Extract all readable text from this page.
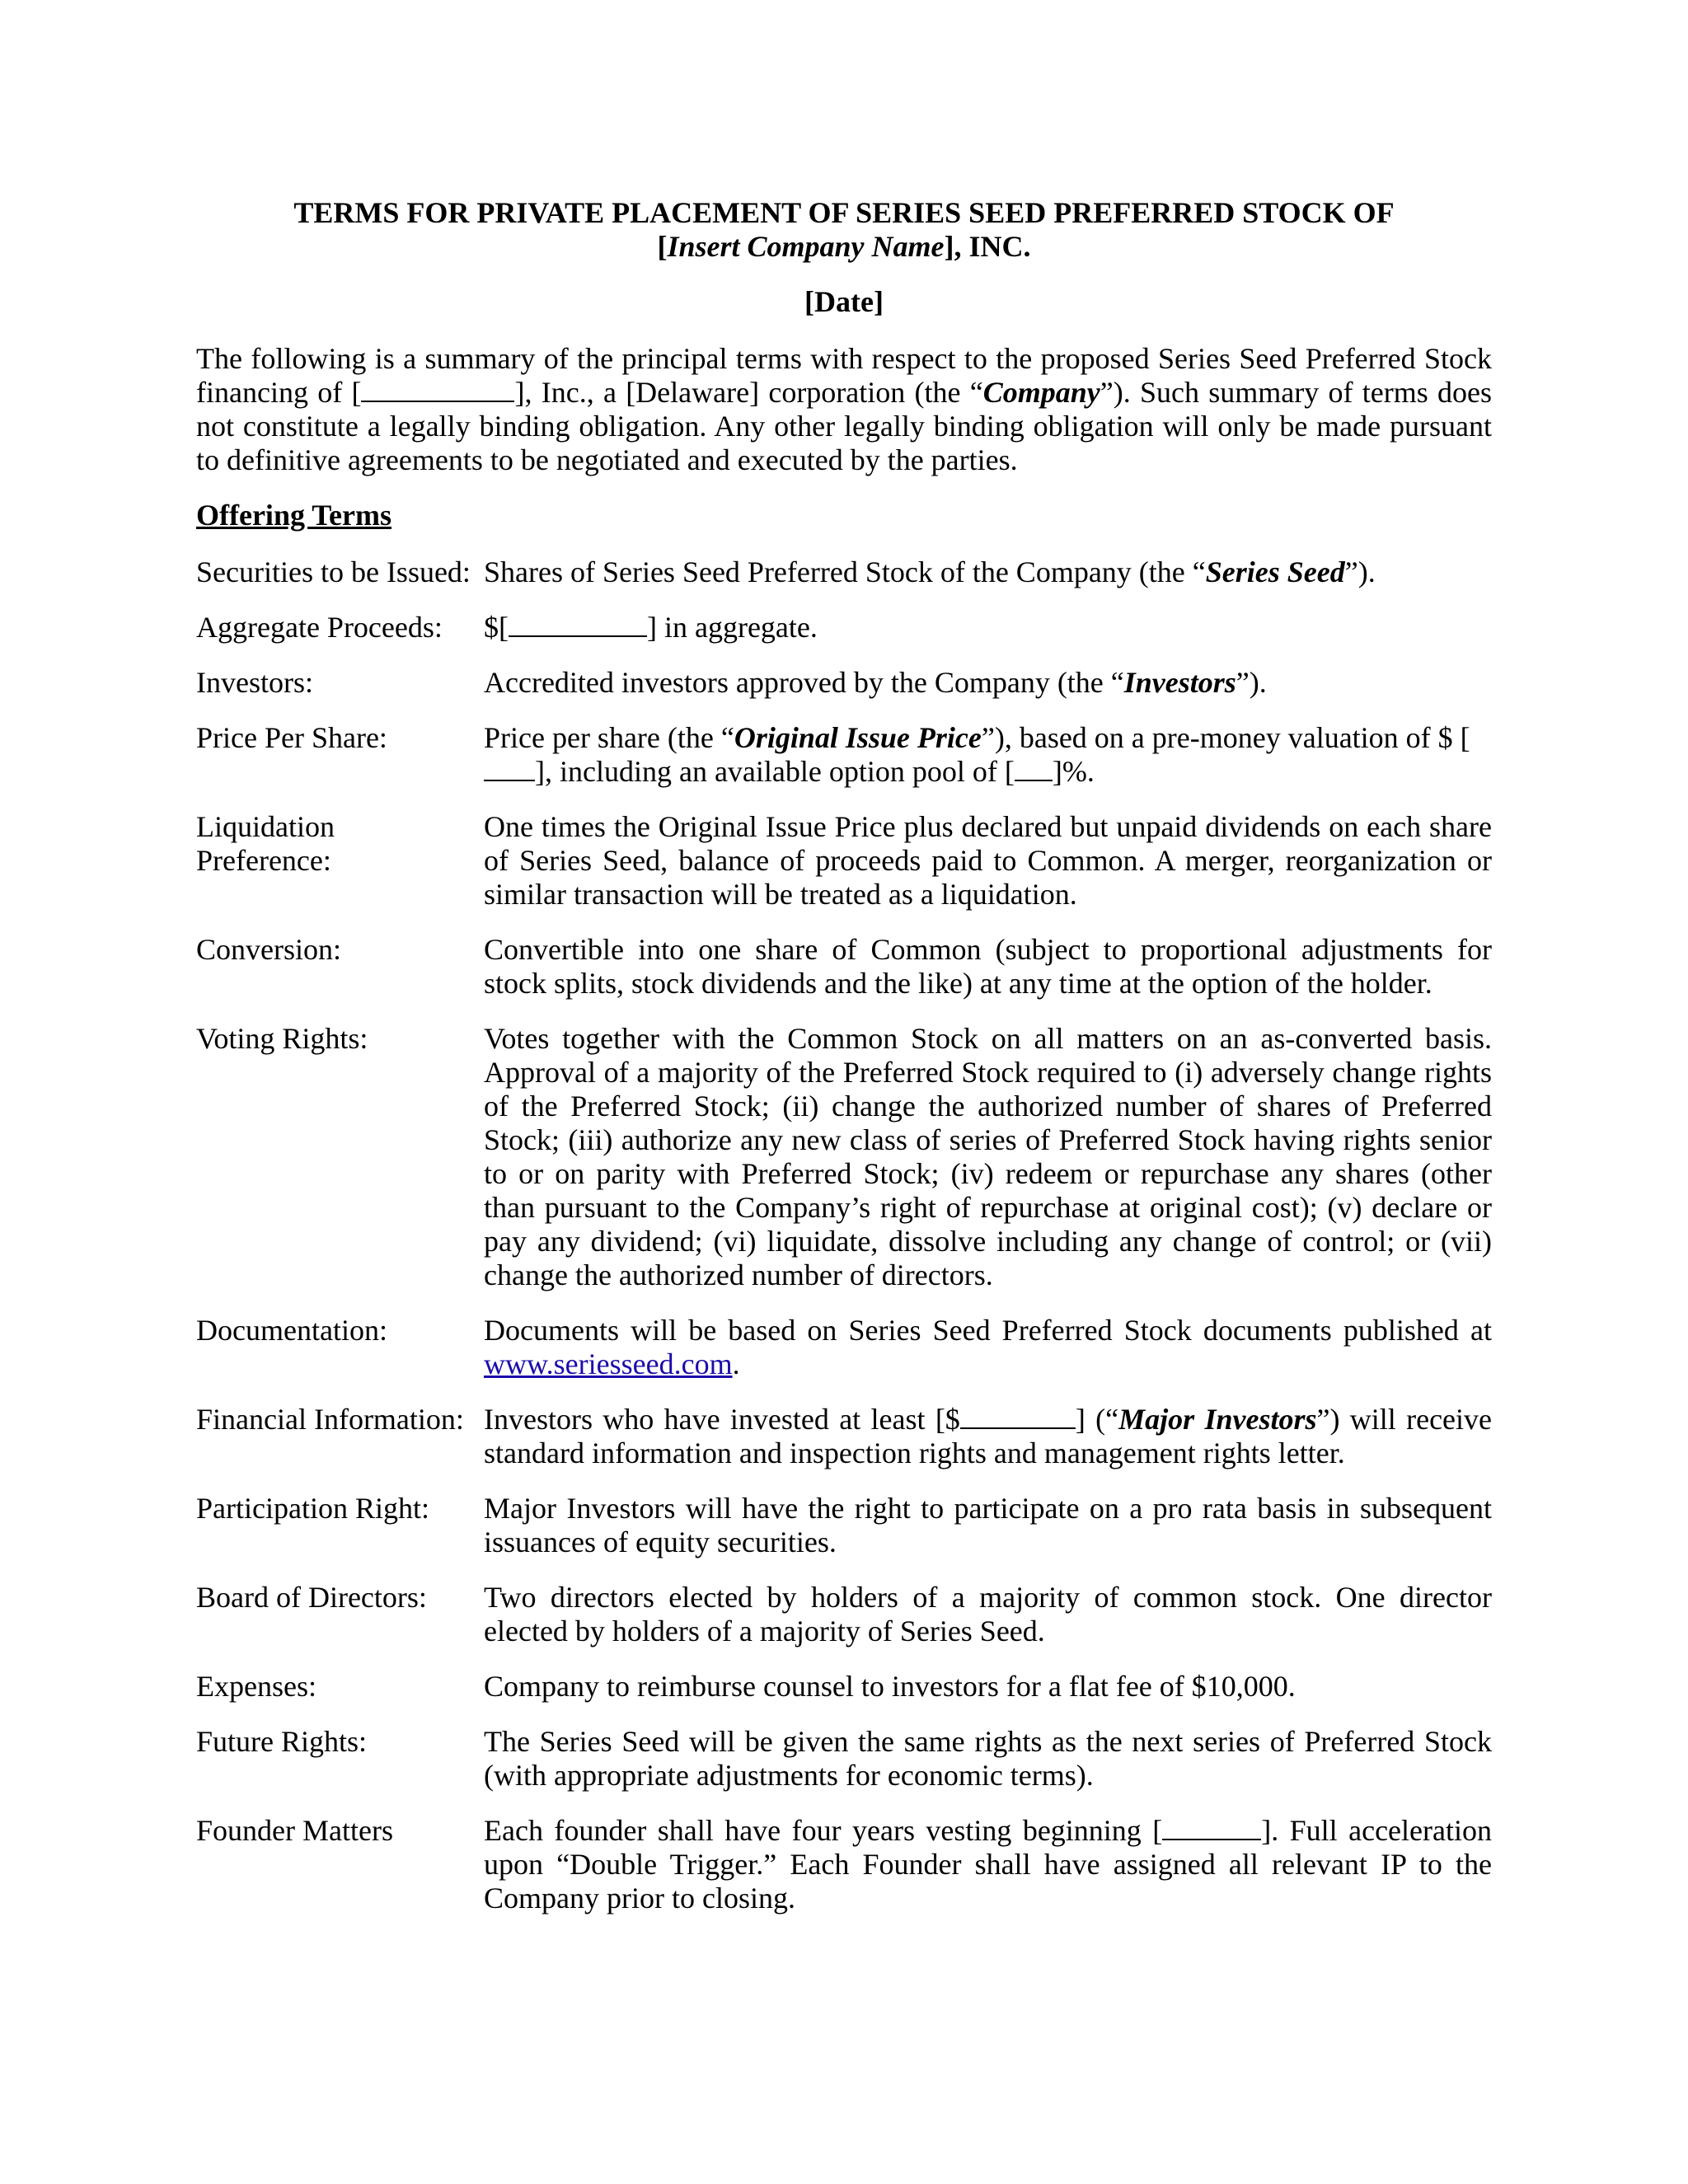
TERMS FOR PRIVATE PLACEMENT OF SERIES SEED PREFERRED STOCK OF
[Insert Company Name], INC.
[Date]
The following is a summary of the principal terms with respect to the proposed Series Seed Preferred Stock financing of [	], Inc., a [Delaware] corporation (the “Company”). Such summary of terms does not constitute a legally binding obligation. Any other legally binding obligation will only be made pursuant to definitive agreements to be negotiated and executed by the parties.
Offering Terms
Securities to be Issued: Shares of Series Seed Preferred Stock of the Company (the “Series Seed”).
Aggregate Proceeds:	$[	] in aggregate.
Investors:	Accredited investors approved by the Company (the “Investors”).
Price Per Share:	Price per share (the “Original Issue Price”), based on a pre-money valuation of $ [], including an available option pool of [ ]%.
Liquidation Preference:
One times the Original Issue Price plus declared but unpaid dividends on each share of Series Seed, balance of proceeds paid to Common. A merger, reorganization or similar transaction will be treated as a liquidation.
Conversion:	Convertible into one share of Common (subject to proportional adjustments for stock splits, stock dividends and the like) at any time at the option of the holder.
Voting Rights:	Votes together with the Common Stock on all matters on an as-converted basis. Approval of a majority of the Preferred Stock required to (i) adversely change rights of the Preferred Stock; (ii) change the authorized number of shares of Preferred Stock; (iii) authorize any new class of series of Preferred Stock having rights senior to or on parity with Preferred Stock; (iv) redeem or repurchase any shares (other than pursuant to the Company’s right of repurchase at original cost); (v) declare or pay any dividend; (vi) liquidate, dissolve including any change of control; or (vii) change the authorized number of directors.
Documentation:	Documents will be based on Series Seed Preferred Stock documents published at www.seriesseed.com.
Financial Information: Investors who have invested at least [$	] (“Major Investors”) will receive standard information and inspection rights and management rights letter.
Participation Right:	Major Investors will have the right to participate on a pro rata basis in subsequent issuances of equity securities.
Board of Directors:	Two directors elected by holders of a majority of common stock. One director elected by holders of a majority of Series Seed.
Expenses:	Company to reimburse counsel to investors for a flat fee of $10,000.
Future Rights:	The Series Seed will be given the same rights as the next series of Preferred Stock (with appropriate adjustments for economic terms).
Founder Matters	Each founder shall have four years vesting beginning [	]. Full acceleration upon “Double Trigger.” Each Founder shall have assigned all relevant IP to the Company prior to closing.
